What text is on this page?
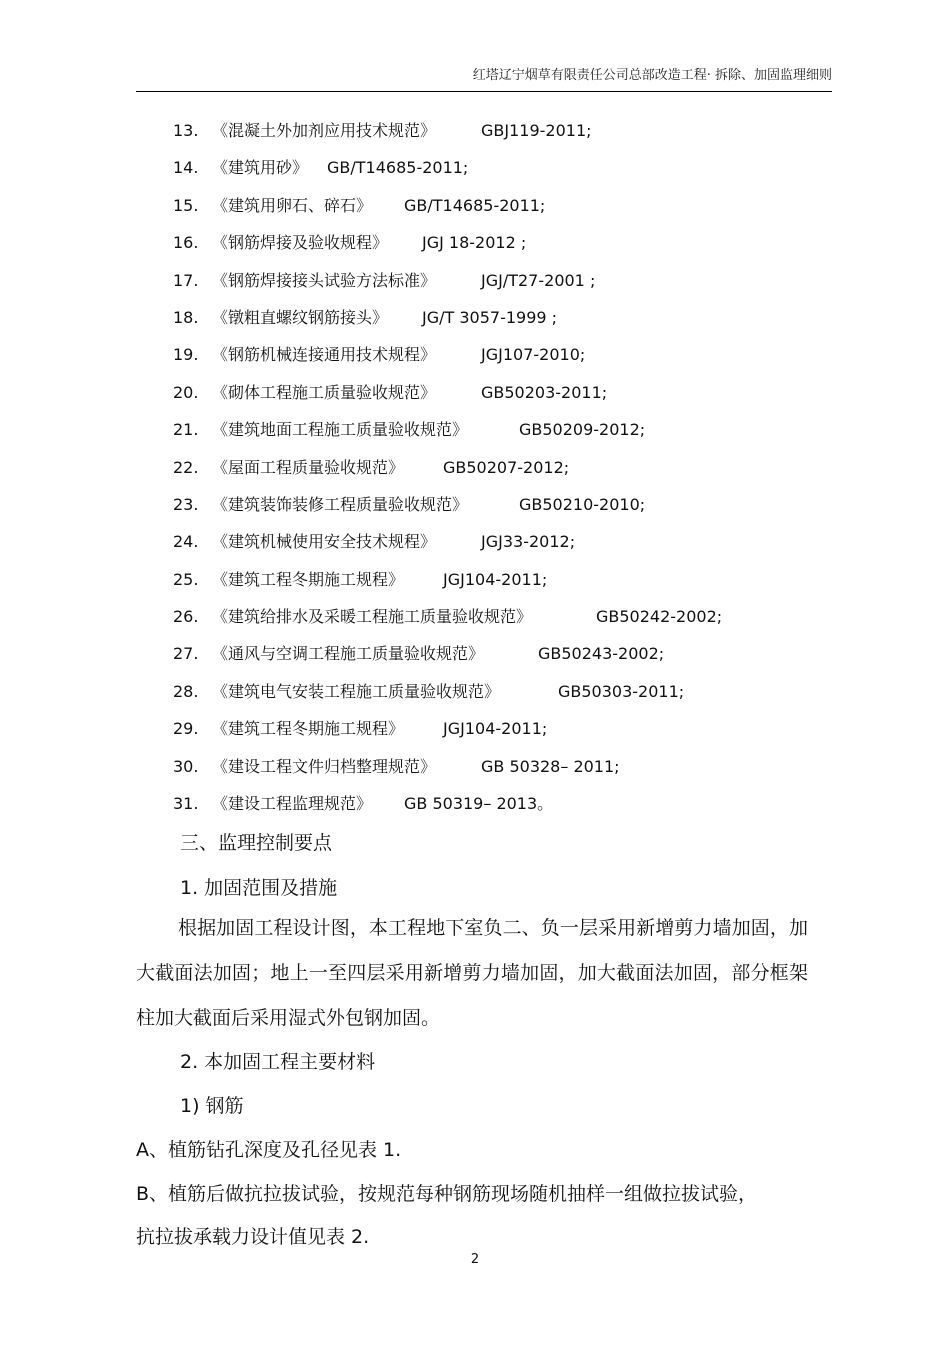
红塔辽宁烟草有限责任公司总部改造工程· 拆除、加固监理细则
13. 《混凝土外加剂应用技术规范》	GBJ119-2011;
14. 《建筑用砂》 GB/T14685-2011;
15. 《建筑用卵石、碎石》 GB/T14685-2011;
16. 《钢筋焊接及验收规程》 JGJ 18-2012 ;
17. 《钢筋焊接接头试验方法标准》	JGJ/T27-2001 ;
18. 《镦粗直螺纹钢筋接头》 JG/T 3057-1999 ;
19. 《钢筋机械连接通用技术规程》	JGJ107-2010;
20. 《砌体工程施工质量验收规范》	GB50203-2011;
21. 《建筑地面工程施工质量验收规范》	GB50209-2012;
22. 《屋面工程质量验收规范》 GB50207-2012;
23. 《建筑装饰装修工程质量验收规范》	GB50210-2010;
24. 《建筑机械使用安全技术规程》	JGJ33-2012;
25. 《建筑工程冬期施工规程》 JGJ104-2011;
26. 《建筑给排水及采暖工程施工质量验收规范》	GB50242-2002;
27. 《通风与空调工程施工质量验收规范》	GB50243-2002;
28. 《建筑电气安装工程施工质量验收规范》	GB50303-2011;
29. 《建筑工程冬期施工规程》 JGJ104-2011;
30. 《建设工程文件归档整理规范》	GB 50328– 2011;
31. 《建设工程监理规范》 GB 50319– 2013。
三、监理控制要点
1. 加固范围及措施
根据加固工程设计图，本工程地下室负二、负一层采用新增剪力墙加固，加大截面法加固；地上一至四层采用新增剪力墙加固，加大截面法加固，部分框架柱加大截面后采用湿式外包钢加固。
2. 本加固工程主要材料
1) 钢筋
A、植筋钻孔深度及孔径见表 1.
B、植筋后做抗拉拔试验，按规范每种钢筋现场随机抽样一组做拉拔试验，
抗拉拔承载力设计值见表 2.
2
